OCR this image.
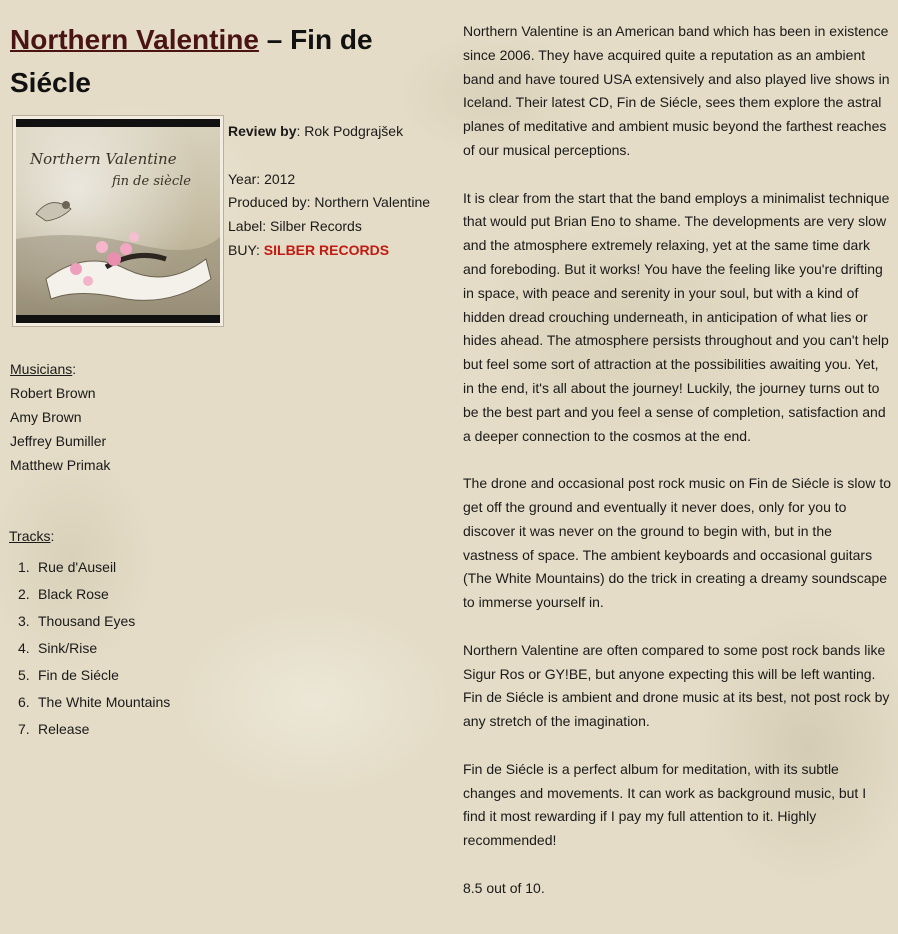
Northern Valentine – Fin de Siécle
Northern Valentine
fin de siècle
Review by: Rok Podgrajšek
Year: 2012
Produced by: Northern Valentine
Label: Silber Records
BUY: SILBER RECORDS
Musicians:
Robert Brown
Amy Brown
Jeffrey Bumiller
Matthew Primak
Tracks:
1. Rue d'Auseil
2. Black Rose
3. Thousand Eyes
4. Sink/Rise
5. Fin de Siécle
6. The White Mountains
7. Release

Northern Valentine is an American band which has been in existence since 2006. They have acquired quite a reputation as an ambient band and have toured USA extensively and also played live shows in Iceland. Their latest CD, Fin de Siécle, sees them explore the astral planes of meditative and ambient music beyond the farthest reaches of our musical perceptions.

It is clear from the start that the band employs a minimalist technique that would put Brian Eno to shame. The developments are very slow and the atmosphere extremely relaxing, yet at the same time dark and foreboding. But it works! You have the feeling like you're drifting in space, with peace and serenity in your soul, but with a kind of hidden dread crouching underneath, in anticipation of what lies or hides ahead. The atmosphere persists throughout and you can't help but feel some sort of attraction at the possibilities awaiting you. Yet, in the end, it's all about the journey! Luckily, the journey turns out to be the best part and you feel a sense of completion, satisfaction and a deeper connection to the cosmos at the end.

The drone and occasional post rock music on Fin de Siécle is slow to get off the ground and eventually it never does, only for you to discover it was never on the ground to begin with, but in the vastness of space. The ambient keyboards and occasional guitars (The White Mountains) do the trick in creating a dreamy soundscape to immerse yourself in.

Northern Valentine are often compared to some post rock bands like Sigur Ros or GY!BE, but anyone expecting this will be left wanting. Fin de Siécle is ambient and drone music at its best, not post rock by any stretch of the imagination.

Fin de Siécle is a perfect album for meditation, with its subtle changes and movements. It can work as background music, but I find it most rewarding if I pay my full attention to it. Highly recommended!

8.5 out of 10.
